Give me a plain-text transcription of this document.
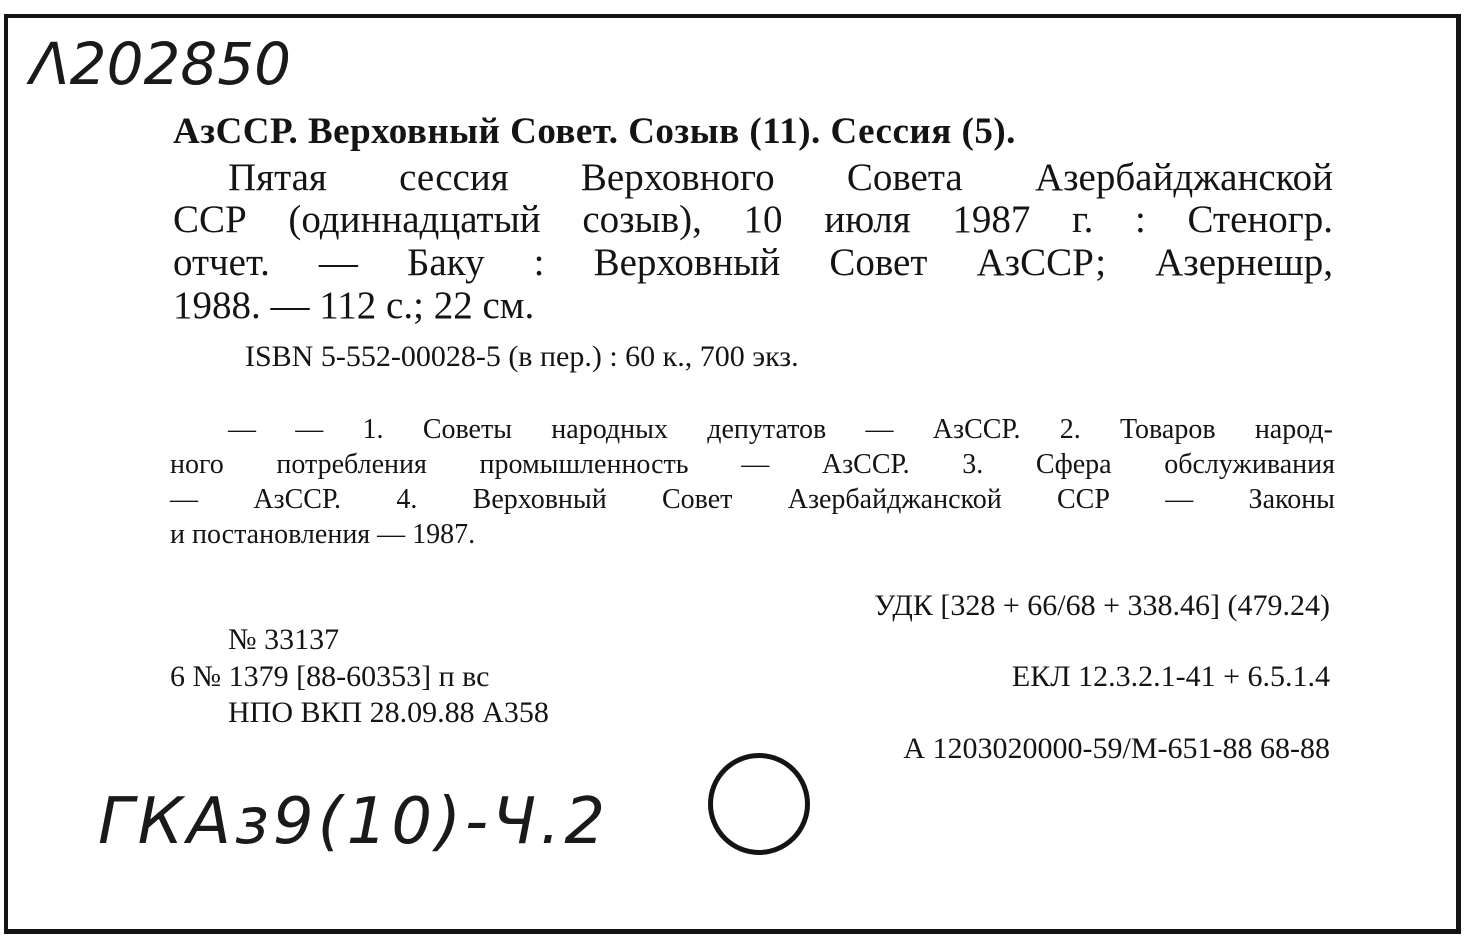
Λ202850

АзССР. Верховный Совет. Созыв (11). Сессия (5).

Пятая сессия Верховного Совета Азербайджанской

ССР (одиннадцатый созыв), 10 июля 1987 г. : Стеногр.

отчет. — Баку : Верховный Совет АзССР; Азернешр,

1988. — 112 с.; 22 см.

ISBN 5-552-00028-5 (в пер.) : 60 к., 700 экз.

— — 1. Советы народных депутатов — АзССР. 2. Товаров народ-

ного потребления промышленность — АзССР. 3. Сфера обслуживания

— АзССР. 4. Верховный Совет Азербайджанской ССР — Законы

и постановления — 1987.

УДК [328 + 66/68 + 338.46] (479.24)

№ 33137

6 № 1379 [88-60353] п вс

НПО ВКП 28.09.88 А358

ЕКЛ 12.3.2.1-41 + 6.5.1.4

А 1203020000-59/М-651-88 68-88

ГКАз9(10)-Ч.2
